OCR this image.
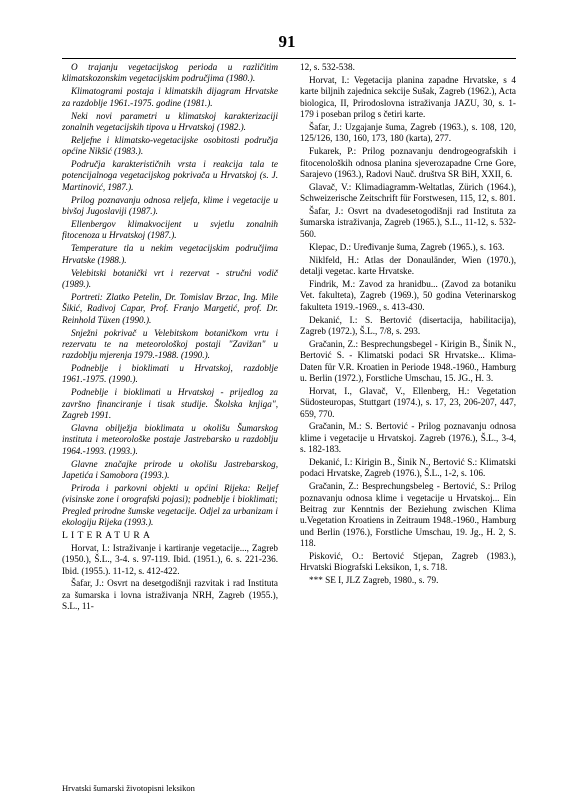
91

O trajanju vegetacijskog perioda u različitim klimatskozonskim vegetacijskim područjima (1980.).

Klimatogrami postaja i klimatskih dijagram Hrvatske za razdoblje 1961.-1975. godine (1981.).

Neki novi parametri u klimatskoj karakterizaciji zonalnih vegetacijskih tipova u Hrvatskoj (1982.).

Reljefne i klimatsko-vegetacijske osobitosti područja općine Nikšić (1983.).

Područja karakterističnih vrsta i reakcija tala te potencijalnoga vegetacijskog pokrivača u Hrvatskoj (s. J. Martinović, 1987.).

Prilog poznavanju odnosa reljefa, klime i vegetacije u bivšoj Jugoslaviji (1987.).

Ellenbergov klimakvocijent u svjetlu zonalnih fitocenoza u Hrvatskoj (1987.).

Temperature tla u nekim vegetacijskim područjima Hrvatske (1988.).

Velebitski botanički vrt i rezervat - stručni vodič (1989.).

Portreti: Zlatko Petelin, Dr. Tomislav Brzac, Ing. Mile Šikić, Radivoj Capar, Prof. Franjo Margetić, prof. Dr. Reinhold Tüxen (1990.).

Snježni pokrivač u Velebitskom botaničkom vrtu i rezervatu te na meteorološkoj postaji "Zavižan" u razdoblju mjerenja 1979.-1988. (1990.).

Podneblje i bioklimati u Hrvatskoj, razdoblje 1961.-1975. (1990.).

Podneblje i bioklimati u Hrvatskoj - prijedlog za završno financiranje i tisak studije. Školska knjiga", Zagreb 1991.

Glavna obilježja bioklimata u okolišu Šumarskog instituta i meteorološke postaje Jastrebarsko u razdoblju 1964.-1993. (1993.).

Glavne značajke prirode u okolišu Jastrebarskog, Japetića i Samobora (1993.).

Priroda i parkovni objekti u općini Rijeka: Reljef (visinske zone i orografski pojasi); podneblje i bioklimati; Pregled prirodne šumske vegetacije. Odjel za urbanizam i ekologiju Rijeka (1993.).

LITERATURA

Horvat, I.: Istraživanje i kartiranje vegetacije..., Zagreb (1950.), Š.L., 3-4. s. 97-119. Ibid. (1951.), 6. s. 221-236. Ibid. (1955.). 11-12, s. 412-422.

Šafar, J.: Osvrt na desetgodišnji razvitak i rad Instituta za šumarska i lovna istraživanja NRH, Zagreb (1955.), S.L., 11-

12, s. 532-538.

Horvat, I.: Vegetacija planina zapadne Hrvatske, s 4 karte biljnih zajednica sekcije Sušak, Zagreb (1962.), Acta biologica, II, Prirodoslovna istraživanja JAZU, 30, s. 1-179 i poseban prilog s četiri karte.

Šafar, J.: Uzgajanje šuma, Zagreb (1963.), s. 108, 120, 125/126, 130, 160, 173, 180 (karta), 277.

Fukarek, P.: Prilog poznavanju dendrogeografskih i fitocenoloških odnosa planina sjeverozapadne Crne Gore, Sarajevo (1963.), Radovi Nauč. društva SR BiH, XXII, 6.

Glavač, V.: Klimadiagramm-Weltatlas, Zürich (1964.), Schweizerische Zeitschrift für Forstwesen, 115, 12, s. 801.

Šafar, J.: Osvrt na dvadesetogodišnji rad Instituta za šumarska istraživanja, Zagreb (1965.), S.L., 11-12, s. 532-560.

Klepac, D.: Uređivanje šuma, Zagreb (1965.), s. 163.

Niklfeld, H.: Atlas der Donauländer, Wien (1970.), detalji vegetac. karte Hrvatske.

Findrik, M.: Zavod za hranidbu... (Zavod za botaniku Vet. fakulteta), Zagreb (1969.), 50 godina Veterinarskog fakulteta 1919.-1969., s. 413-430.

Dekanić, I.: S. Bertović (disertacija, habilitacija), Zagreb (1972.), Š.L., 7/8, s. 293.

Gračanin, Z.: Besprechungsbegel - Kirigin B., Šinik N., Bertović S. - Klimatski podaci SR Hrvatske... Klima-Daten für V.R. Kroatien in Periode 1948.-1960., Hamburg u. Berlin (1972.), Forstliche Umschau, 15. JG., H. 3.

Horvat, I., Glavač, V., Ellenberg, H.: Vegetation Südosteuropas, Stuttgart (1974.), s. 17, 23, 206-207, 447, 659, 770.

Gračanin, M.: S. Bertović - Prilog poznavanju odnosa klime i vegetacije u Hrvatskoj. Zagreb (1976.), Š.L., 3-4, s. 182-183.

Dekanić, I.: Kirigin B., Šinik N., Bertović S.: Klimatski podaci Hrvatske, Zagreb (1976.), Š.L., 1-2, s. 106.

Gračanin, Z.: Besprechungsbeleg - Bertović, S.: Prilog poznavanju odnosa klime i vegetacije u Hrvatskoj... Ein Beitrag zur Kenntnis der Beziehung zwischen Klima u.Vegetation Kroatiens in Zeitraum 1948.-1960., Hamburg und Berlin (1976.), Forstliche Umschau, 19. Jg., H. 2, S. 118.

Pisković, O.: Bertović Stjepan, Zagreb (1983.), Hrvatski Biografski Leksikon, 1, s. 718.

*** SE I, JLZ Zagreb, 1980., s. 79.

Hrvatski šumarski životopisni leksikon
